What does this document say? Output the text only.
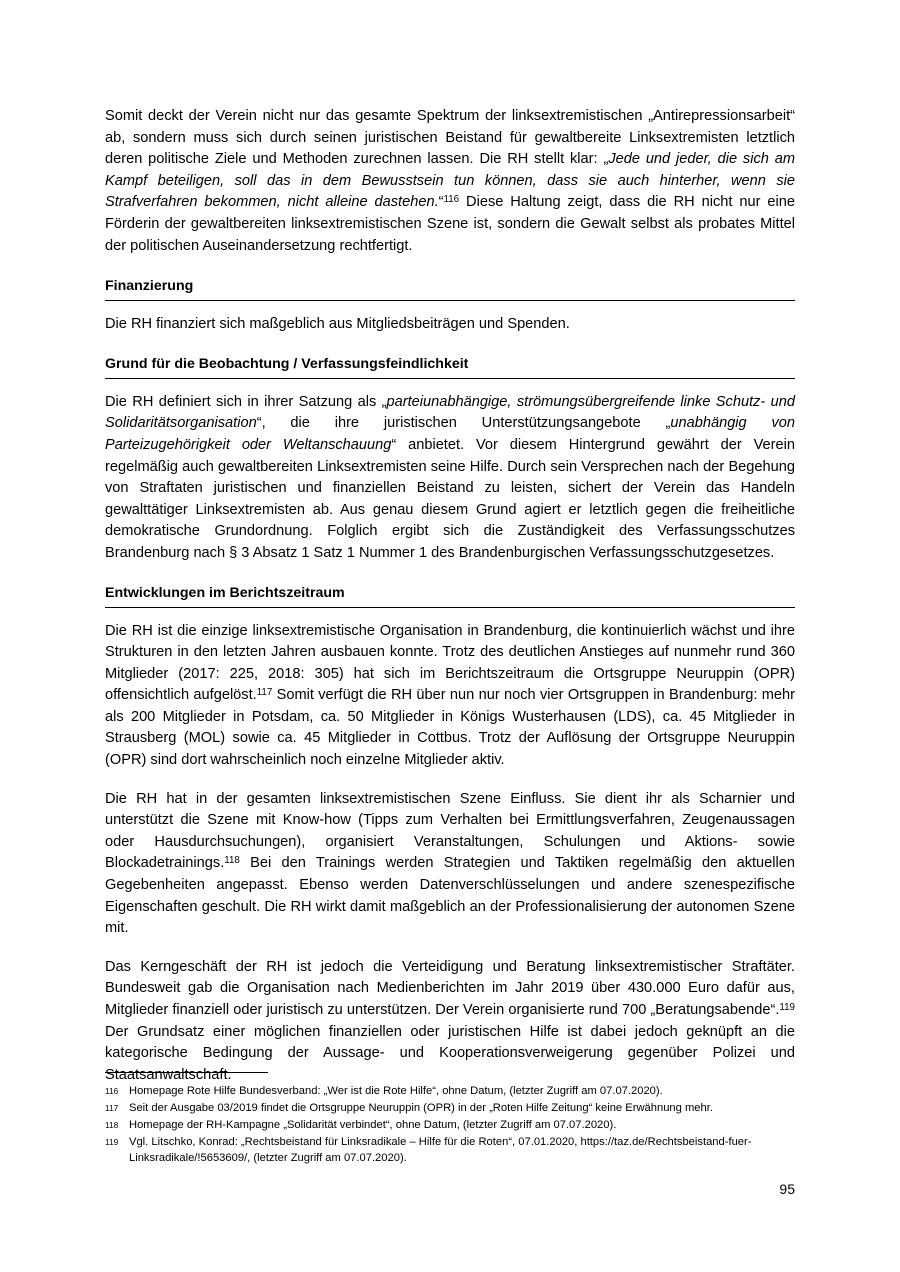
Somit deckt der Verein nicht nur das gesamte Spektrum der linksextremistischen „Antirepressionsarbeit“ ab, sondern muss sich durch seinen juristischen Beistand für gewaltbereite Linksextremisten letztlich deren politische Ziele und Methoden zurechnen lassen. Die RH stellt klar: „Jede und jeder, die sich am Kampf beteiligen, soll das in dem Bewusstsein tun können, dass sie auch hinterher, wenn sie Strafverfahren bekommen, nicht alleine dastehen.“$^{116}$ Diese Haltung zeigt, dass die RH nicht nur eine Förderin der gewaltbereiten linksextremistischen Szene ist, sondern die Gewalt selbst als probates Mittel der politischen Auseinandersetzung rechtfertigt.

Finanzierung

Die RH finanziert sich maßgeblich aus Mitgliedsbeiträgen und Spenden.

Grund für die Beobachtung / Verfassungsfeindlichkeit

Die RH definiert sich in ihrer Satzung als „parteiunabhängige, strömungsübergreifende linke Schutz- und Solidaritätsorganisation“, die ihre juristischen Unterstützungsangebote „unabhängig von Parteizugehörigkeit oder Weltanschauung“ anbietet. Vor diesem Hintergrund gewährt der Verein regelmäßig auch gewaltbereiten Linksextremisten seine Hilfe. Durch sein Versprechen nach der Begehung von Straftaten juristischen und finanziellen Beistand zu leisten, sichert der Verein das Handeln gewalttätiger Linksextremisten ab. Aus genau diesem Grund agiert er letztlich gegen die freiheitliche demokratische Grundordnung. Folglich ergibt sich die Zuständigkeit des Verfassungsschutzes Brandenburg nach § 3 Absatz 1 Satz 1 Nummer 1 des Brandenburgischen Verfassungsschutzgesetzes.

Entwicklungen im Berichtszeitraum

Die RH ist die einzige linksextremistische Organisation in Brandenburg, die kontinuierlich wächst und ihre Strukturen in den letzten Jahren ausbauen konnte. Trotz des deutlichen Anstieges auf nunmehr rund 360 Mitglieder (2017: 225, 2018: 305) hat sich im Berichtszeitraum die Ortsgruppe Neuruppin (OPR) offensichtlich aufgelöst.$^{117}$ Somit verfügt die RH über nun nur noch vier Ortsgruppen in Brandenburg: mehr als 200 Mitglieder in Potsdam, ca. 50 Mitglieder in Königs Wusterhausen (LDS), ca. 45 Mitglieder in Strausberg (MOL) sowie ca. 45 Mitglieder in Cottbus. Trotz der Auflösung der Ortsgruppe Neuruppin (OPR) sind dort wahrscheinlich noch einzelne Mitglieder aktiv.

Die RH hat in der gesamten linksextremistischen Szene Einfluss. Sie dient ihr als Scharnier und unterstützt die Szene mit Know-how (Tipps zum Verhalten bei Ermittlungsverfahren, Zeugenaussagen oder Hausdurchsuchungen), organisiert Veranstaltungen, Schulungen und Aktions- sowie Blockadetrainings.$^{118}$ Bei den Trainings werden Strategien und Taktiken regelmäßig den aktuellen Gegebenheiten angepasst. Ebenso werden Datenverschlüsselungen und andere szenespezifische Eigenschaften geschult. Die RH wirkt damit maßgeblich an der Professionalisierung der autonomen Szene mit.

Das Kerngeschäft der RH ist jedoch die Verteidigung und Beratung linksextremistischer Straftäter. Bundesweit gab die Organisation nach Medienberichten im Jahr 2019 über 430.000 Euro dafür aus, Mitglieder finanziell oder juristisch zu unterstützen. Der Verein organisierte rund 700 „Beratungsabende“.$^{119}$ Der Grundsatz einer möglichen finanziellen oder juristischen Hilfe ist dabei jedoch geknüpft an die kategorische Bedingung der Aussage- und Kooperationsverweigerung gegenüber Polizei und Staatsanwaltschaft.

116 Homepage Rote Hilfe Bundesverband: „Wer ist die Rote Hilfe“, ohne Datum, (letzter Zugriff am 07.07.2020).
117 Seit der Ausgabe 03/2019 findet die Ortsgruppe Neuruppin (OPR) in der „Roten Hilfe Zeitung“ keine Erwähnung mehr.
118 Homepage der RH-Kampagne „Solidarität verbindet“, ohne Datum, (letzter Zugriff am 07.07.2020).
119 Vgl. Litschko, Konrad: „Rechtsbeistand für Linksradikale – Hilfe für die Roten“, 07.01.2020, https://taz.de/Rechtsbeistand-fuer-Linksradikale/!5653609/, (letzter Zugriff am 07.07.2020).
95
